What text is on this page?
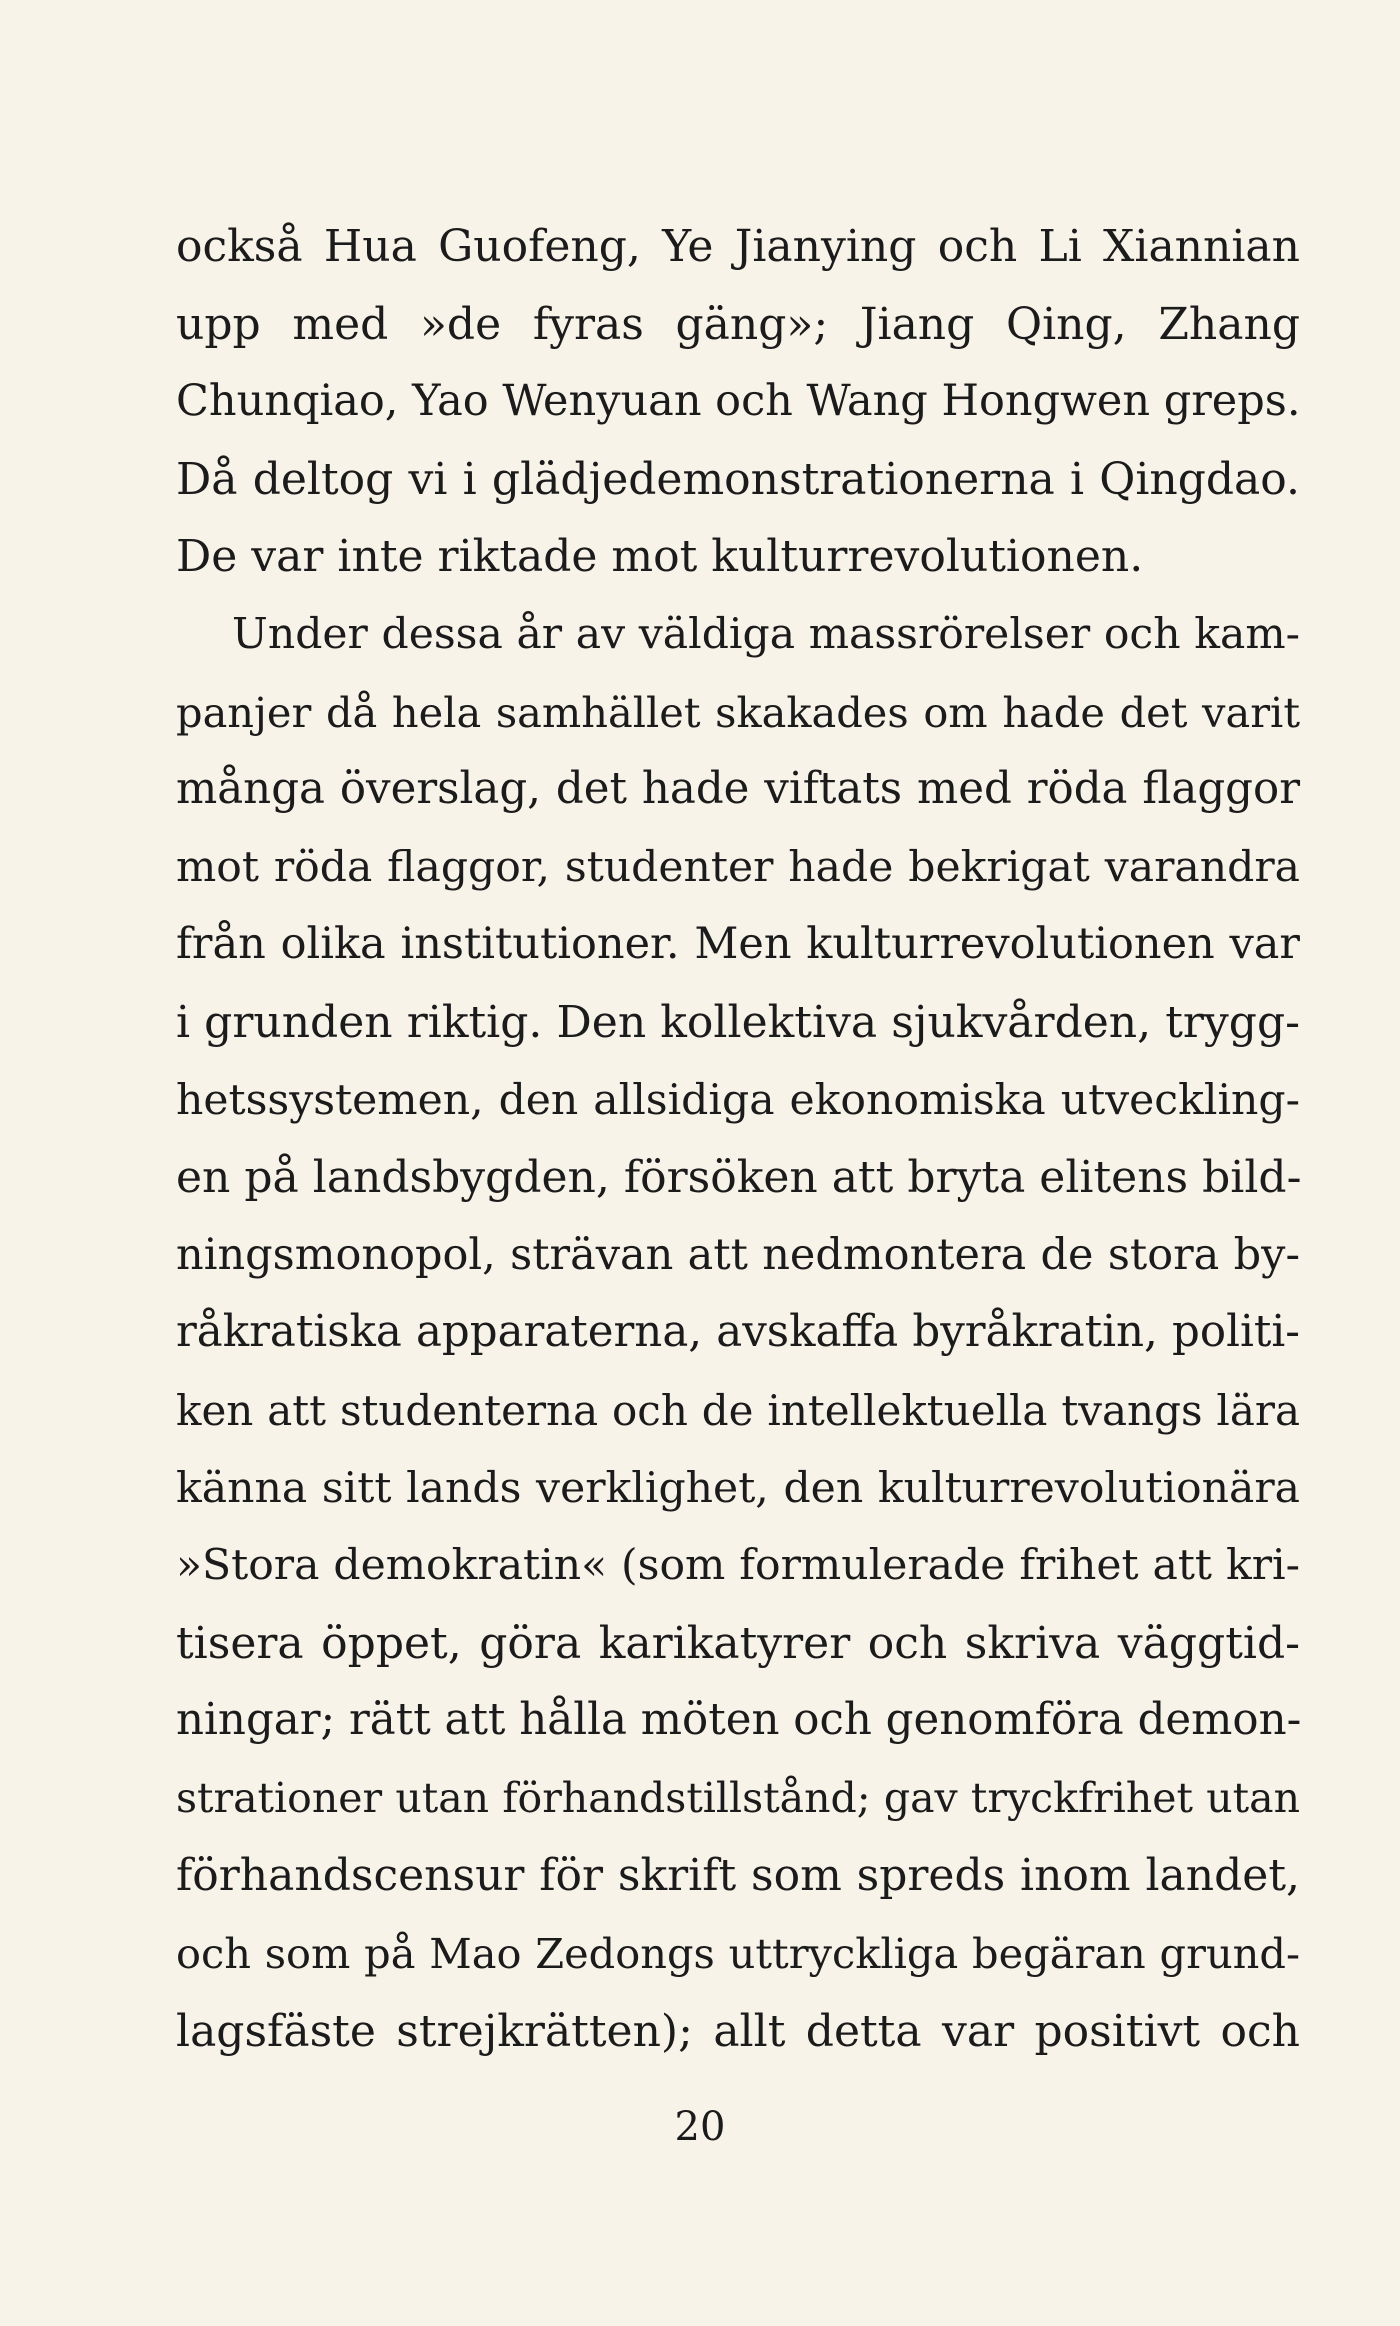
också Hua Guofeng, Ye Jianying och Li Xiannian
upp med »de fyras gäng»; Jiang Qing, Zhang
Chunqiao, Yao Wenyuan och Wang Hongwen greps.
Då deltog vi i glädjedemonstrationerna i Qingdao.
De var inte riktade mot kulturrevolutionen.
Under dessa år av väldiga massrörelser och kam-
panjer då hela samhället skakades om hade det varit
många överslag, det hade viftats med röda flaggor
mot röda flaggor, studenter hade bekrigat varandra
från olika institutioner. Men kulturrevolutionen var
i grunden riktig. Den kollektiva sjukvården, trygg-
hetssystemen, den allsidiga ekonomiska utveckling-
en på landsbygden, försöken att bryta elitens bild-
ningsmonopol, strävan att nedmontera de stora by-
råkratiska apparaterna, avskaffa byråkratin, politi-
ken att studenterna och de intellektuella tvangs lära
känna sitt lands verklighet, den kulturrevolutionära
»Stora demokratin« (som formulerade frihet att kri-
tisera öppet, göra karikatyrer och skriva väggtid-
ningar; rätt att hålla möten och genomföra demon-
strationer utan förhandstillstånd; gav tryckfrihet utan
förhandscensur för skrift som spreds inom landet,
och som på Mao Zedongs uttryckliga begäran grund-
lagsfäste strejkrätten); allt detta var positivt och
20
